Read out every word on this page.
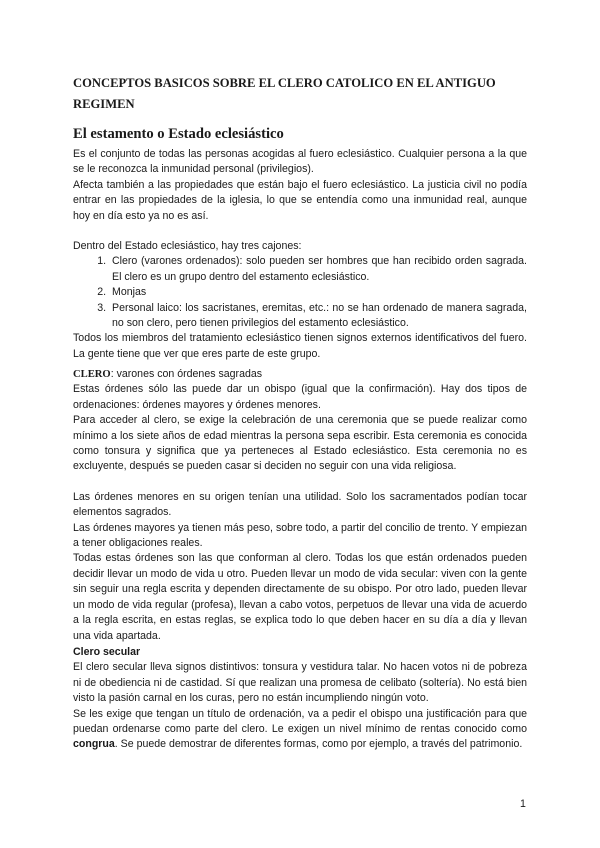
CONCEPTOS BASICOS SOBRE EL CLERO CATOLICO EN EL ANTIGUO REGIMEN
El estamento o Estado eclesiástico

Es el conjunto de todas las personas acogidas al fuero eclesiástico. Cualquier persona a la que se le reconozca la inmunidad personal (privilegios).

Afecta también a las propiedades que están bajo el fuero eclesiástico. La justicia civil no podía entrar en las propiedades de la iglesia, lo que se entendía como una inmunidad real, aunque hoy en día esto ya no es así.

Dentro del Estado eclesiástico, hay tres cajones:

1. Clero (varones ordenados): solo pueden ser hombres que han recibido orden sagrada. El clero es un grupo dentro del estamento eclesiástico.
2. Monjas
3. Personal laico: los sacristanes, eremitas, etc.: no se han ordenado de manera sagrada, no son clero, pero tienen privilegios del estamento eclesiástico.

Todos los miembros del tratamiento eclesiástico tienen signos externos identificativos del fuero. La gente tiene que ver que eres parte de este grupo.

CLERO: varones con órdenes sagradas

Estas órdenes sólo las puede dar un obispo (igual que la confirmación). Hay dos tipos de ordenaciones: órdenes mayores y órdenes menores.

Para acceder al clero, se exige la celebración de una ceremonia que se puede realizar como mínimo a los siete años de edad mientras la persona sepa escribir. Esta ceremonia es conocida como tonsura y significa que ya perteneces al Estado eclesiástico. Esta ceremonia no es excluyente, después se pueden casar si deciden no seguir con una vida religiosa.

Las órdenes menores en su origen tenían una utilidad. Solo los sacramentados podían tocar elementos sagrados.

Las órdenes mayores ya tienen más peso, sobre todo, a partir del concilio de trento. Y empiezan a tener obligaciones reales.

Todas estas órdenes son las que conforman al clero. Todas los que están ordenados pueden decidir llevar un modo de vida u otro. Pueden llevar un modo de vida secular: viven con la gente sin seguir una regla escrita y dependen directamente de su obispo. Por otro lado, pueden llevar un modo de vida regular (profesa), llevan a cabo votos, perpetuos de llevar una vida de acuerdo a la regla escrita, en estas reglas, se explica todo lo que deben hacer en su día a día y llevan una vida apartada.

Clero secular

El clero secular lleva signos distintivos: tonsura y vestidura talar. No hacen votos ni de pobreza ni de obediencia ni de castidad. Sí que realizan una promesa de celibato (soltería). No está bien visto la pasión carnal en los curas, pero no están incumpliendo ningún voto.

Se les exige que tengan un título de ordenación, va a pedir el obispo una justificación para que puedan ordenarse como parte del clero. Le exigen un nivel mínimo de rentas conocido como congrua. Se puede demostrar de diferentes formas, como por ejemplo, a través del patrimonio.

1
